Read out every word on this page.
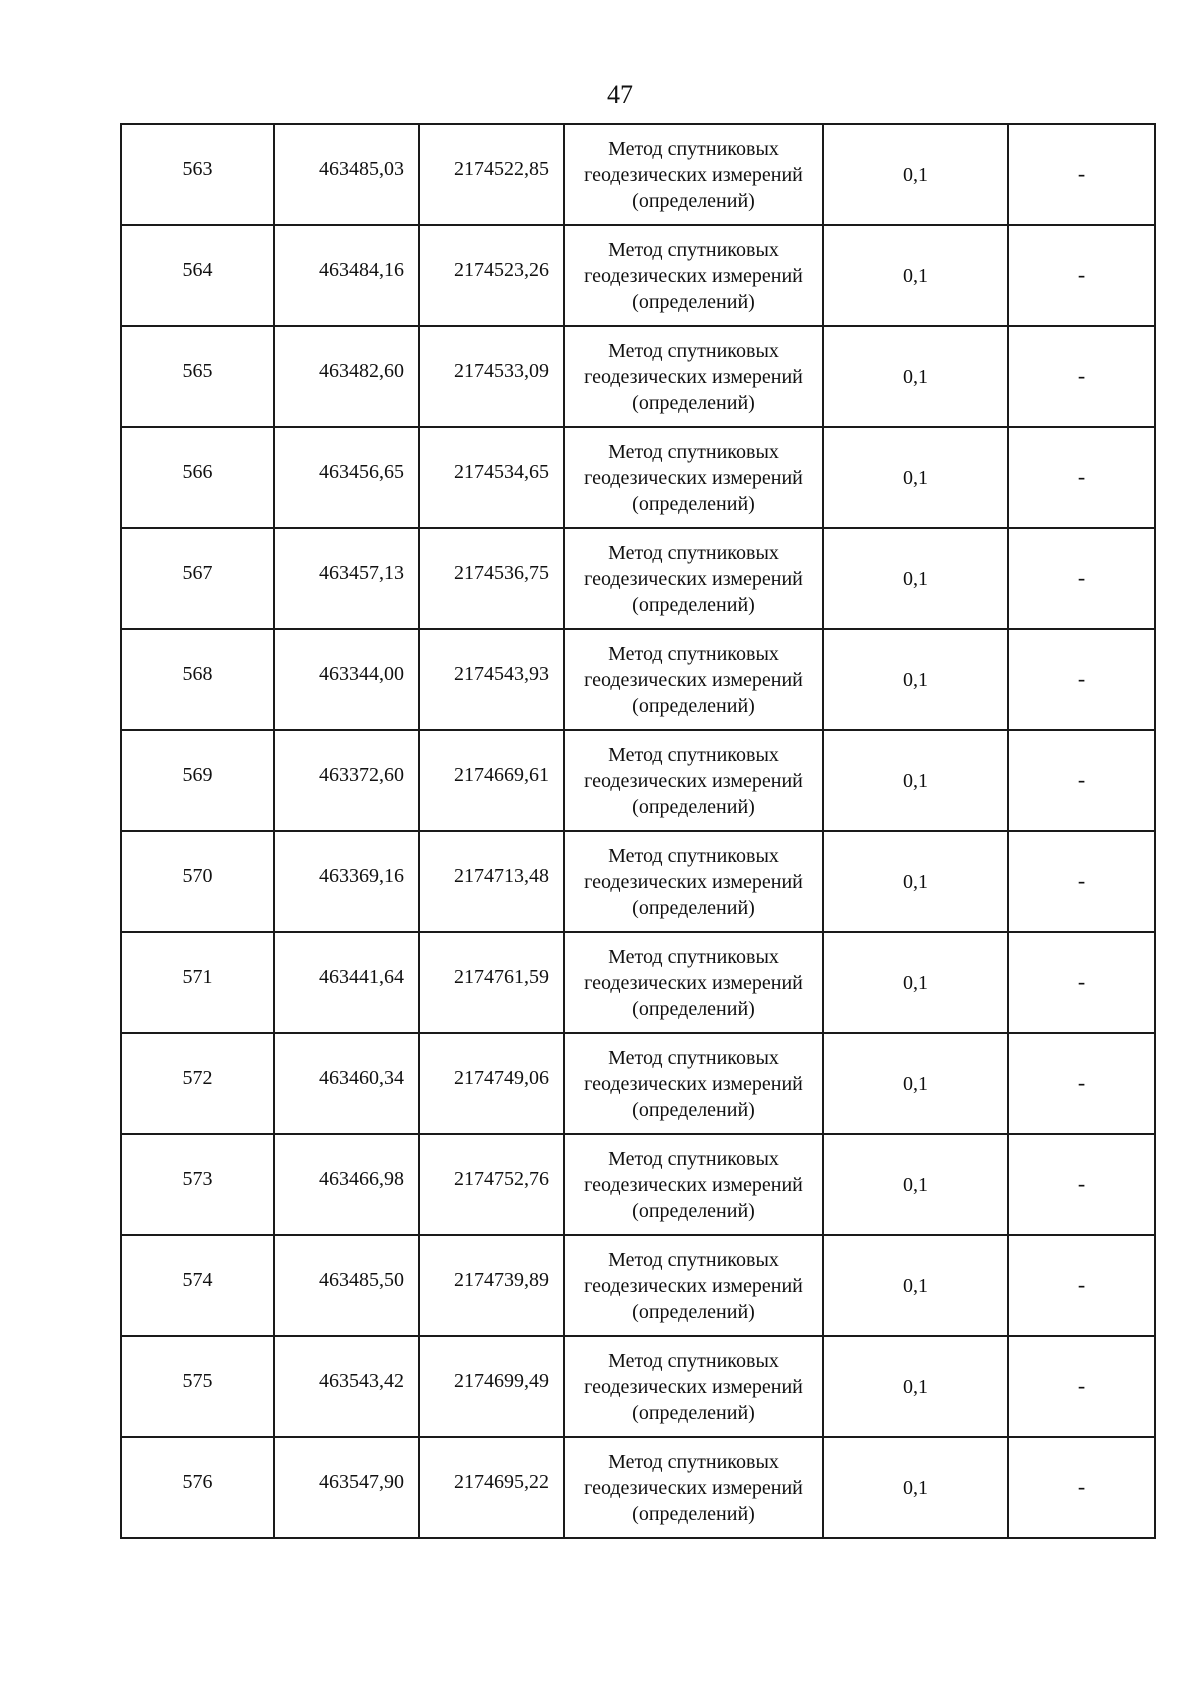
47
563	463485,03	2174522,85	Метод спутниковых геодезических измерений (определений)	0,1	-
564	463484,16	2174523,26	Метод спутниковых геодезических измерений (определений)	0,1	-
565	463482,60	2174533,09	Метод спутниковых геодезических измерений (определений)	0,1	-
566	463456,65	2174534,65	Метод спутниковых геодезических измерений (определений)	0,1	-
567	463457,13	2174536,75	Метод спутниковых геодезических измерений (определений)	0,1	-
568	463344,00	2174543,93	Метод спутниковых геодезических измерений (определений)	0,1	-
569	463372,60	2174669,61	Метод спутниковых геодезических измерений (определений)	0,1	-
570	463369,16	2174713,48	Метод спутниковых геодезических измерений (определений)	0,1	-
571	463441,64	2174761,59	Метод спутниковых геодезических измерений (определений)	0,1	-
572	463460,34	2174749,06	Метод спутниковых геодезических измерений (определений)	0,1	-
573	463466,98	2174752,76	Метод спутниковых геодезических измерений (определений)	0,1	-
574	463485,50	2174739,89	Метод спутниковых геодезических измерений (определений)	0,1	-
575	463543,42	2174699,49	Метод спутниковых геодезических измерений (определений)	0,1	-
576	463547,90	2174695,22	Метод спутниковых геодезических измерений (определений)	0,1	-
